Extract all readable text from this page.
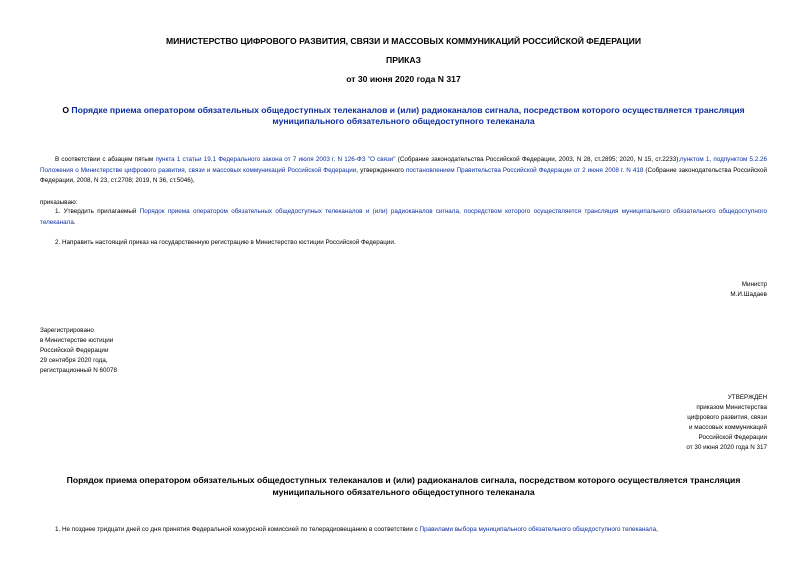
МИНИСТЕРСТВО ЦИФРОВОГО РАЗВИТИЯ, СВЯЗИ И МАССОВЫХ КОММУНИКАЦИЙ РОССИЙСКОЙ ФЕДЕРАЦИИ
ПРИКАЗ
от 30 июня 2020 года N 317
О Порядке приема оператором обязательных общедоступных телеканалов и (или) радиоканалов сигнала, посредством которого осуществляется трансляция
муниципального обязательного общедоступного телеканала
В соответствии с абзацем пятым пункта 1 статьи 19.1 Федерального закона от 7 июля 2003 г. N 126-ФЗ "О связи" (Собрание законодательства Российской Федерации, 2003, N 28, ст.2895; 2020, N 15, ст.2233),пунктом 1, подпунктом 5.2.26 Положения о Министерстве цифрового развития, связи и массовых коммуникаций Российской Федерации, утвержденного постановлением Правительства Российской Федерации от 2 июня 2008 г. N 418 (Собрание законодательства Российской Федерации, 2008, N 23, ст.2708; 2019, N 36, ст.5046),
приказываю:
1. Утвердить прилагаемый Порядок приема оператором обязательных общедоступных телеканалов и (или) радиоканалов сигнала, посредством которого осуществляется трансляция муниципального обязательного общедоступного телеканала.
2. Направить настоящий приказ на государственную регистрацию в Министерство юстиции Российской Федерации.
Министр
М.И.Шадаев
Зарегистрировано
в Министерстве юстиции
Российской Федерации
29 сентября 2020 года,
регистрационный N 60078
УТВЕРЖДЕН
приказом Министерства
цифрового развития, связи
и массовых коммуникаций
Российской Федерации
от 30 июня 2020 года N 317
Порядок приема оператором обязательных общедоступных телеканалов и (или) радиоканалов сигнала, посредством которого осуществляется трансляция
муниципального обязательного общедоступного телеканала
1. Не позднее тридцати дней со дня принятия Федеральной конкурсной комиссией по телерадиовещанию в соответствии с Правилами выбора муниципального обязательного общедоступного телеканала,
